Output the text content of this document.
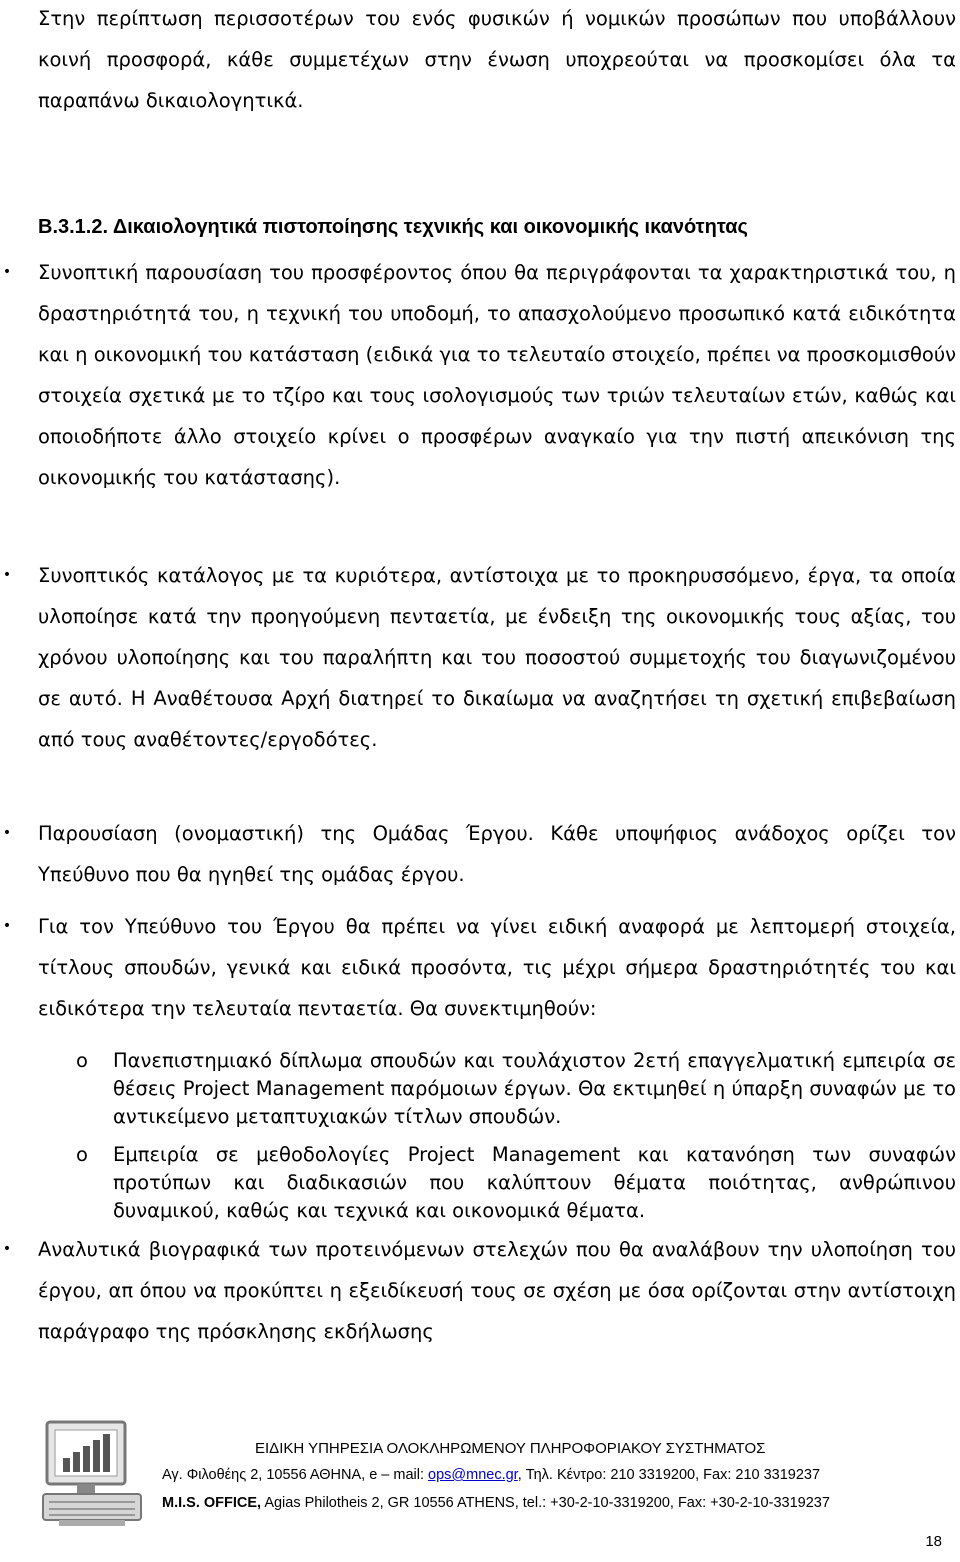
Στην περίπτωση περισσοτέρων του ενός φυσικών ή νομικών προσώπων που υποβάλλουν κοινή προσφορά, κάθε συμμετέχων στην ένωση υποχρεούται να προσκομίσει όλα τα παραπάνω δικαιολογητικά.

Β.3.1.2. Δικαιολογητικά πιστοποίησης τεχνικής και οικονομικής ικανότητας
• Συνοπτική παρουσίαση του προσφέροντος όπου θα περιγράφονται τα χαρακτηριστικά του, η δραστηριότητά του, η τεχνική του υποδομή, το απασχολούμενο προσωπικό κατά ειδικότητα και η οικονομική του κατάσταση (ειδικά για το τελευταίο στοιχείο, πρέπει να προσκομισθούν στοιχεία σχετικά με το τζίρο και τους ισολογισμούς των τριών τελευταίων ετών, καθώς και οποιοδήποτε άλλο στοιχείο κρίνει ο προσφέρων αναγκαίο για την πιστή απεικόνιση της οικονομικής του κατάστασης).

• Συνοπτικός κατάλογος με τα κυριότερα, αντίστοιχα με το προκηρυσσόμενο, έργα, τα οποία υλοποίησε κατά την προηγούμενη πενταετία, με ένδειξη της οικονομικής τους αξίας, του χρόνου υλοποίησης και του παραλήπτη και του ποσοστού συμμετοχής του διαγωνιζομένου σε αυτό. Η Αναθέτουσα Αρχή διατηρεί το δικαίωμα να αναζητήσει τη σχετική επιβεβαίωση από τους αναθέτοντες/εργοδότες.

• Παρουσίαση (ονομαστική) της Ομάδας Έργου. Κάθε υποψήφιος ανάδοχος ορίζει τον Υπεύθυνο που θα ηγηθεί της ομάδας έργου.

• Για τον Υπεύθυνο του Έργου θα πρέπει να γίνει ειδική αναφορά με λεπτομερή στοιχεία, τίτλους σπουδών, γενικά και ειδικά προσόντα, τις μέχρι σήμερα δραστηριότητές του και ειδικότερα την τελευταία πενταετία. Θα συνεκτιμηθούν:

o Πανεπιστημιακό δίπλωμα σπουδών και τουλάχιστον 2ετή επαγγελματική εμπειρία σε θέσεις Project Management παρόμοιων έργων. Θα εκτιμηθεί η ύπαρξη συναφών με το αντικείμενο μεταπτυχιακών τίτλων σπουδών.

o Εμπειρία σε μεθοδολογίες Project Management και κατανόηση των συναφών προτύπων και διαδικασιών που καλύπτουν θέματα ποιότητας, ανθρώπινου δυναμικού, καθώς και τεχνικά και οικονομικά θέματα.

• Αναλυτικά βιογραφικά των προτεινόμενων στελεχών που θα αναλάβουν την υλοποίηση του έργου, απ όπου να προκύπτει η εξειδίκευσή τους σε σχέση με όσα ορίζονται στην αντίστοιχη παράγραφο της πρόσκλησης εκδήλωσης

ΕΙΔΙΚΗ ΥΠΗΡΕΣΙΑ ΟΛΟΚΛΗΡΩΜΕΝΟΥ ΠΛΗΡΟΦΟΡΙΑΚΟΥ ΣΥΣΤΗΜΑΤΟΣ
Αγ. Φιλοθέης 2, 10556 ΑΘΗΝΑ, e – mail: ops@mnec.gr, Τηλ. Κέντρο: 210 3319200, Fax: 210 3319237
M.I.S. OFFICE, Agias Philotheis 2, GR 10556 ATHENS, tel.: +30-2-10-3319200, Fax: +30-2-10-3319237
18
